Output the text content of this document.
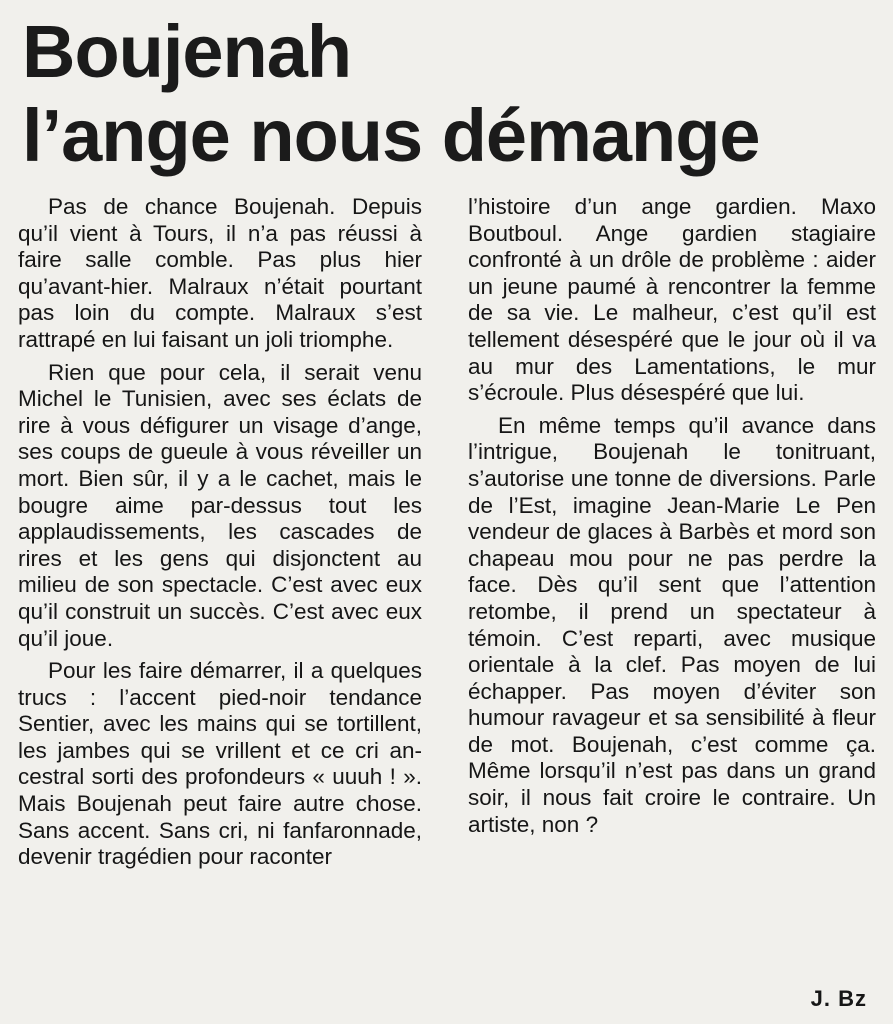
Boujenah
l’ange nous démange

Pas de chance Boujenah. Depuis qu’il vient à Tours, il n’a pas réussi à faire salle comble. Pas plus hier qu’avant-hier. Malraux n’était pourtant pas loin du compte. Malraux s’est rattrapé en lui faisant un joli triomphe.

Rien que pour cela, il serait venu Michel le Tunisien, avec ses éclats de rire à vous défigurer un visage d’ange, ses coups de gueule à vous réveiller un mort. Bien sûr, il y a le cachet, mais le bougre aime par-dessus tout les applaudissements, les cascades de rires et les gens qui disjonctent au milieu de son spectacle. C’est avec eux qu’il construit un succès. C’est avec eux qu’il joue.

Pour les faire démarrer, il a quelques trucs : l’accent pied-noir tendance Sentier, avec les mains qui se tortillent, les jambes qui se vrillent et ce cri ancestral sorti des profondeurs « uuuh ! ». Mais Boujenah peut faire autre chose. Sans accent. Sans cri, ni fanfaronnade, devenir tragédien pour raconter

l’histoire d’un ange gardien. Maxo Boutboul. Ange gardien stagiaire confronté à un drôle de problème : aider un jeune paumé à rencontrer la femme de sa vie. Le malheur, c’est qu’il est tellement désespéré que le jour où il va au mur des Lamentations, le mur s’écroule. Plus désespéré que lui.

En même temps qu’il avance dans l’intrigue, Boujenah le tonitruant, s’autorise une tonne de diversions. Parle de l’Est, imagine Jean-Marie Le Pen vendeur de glaces à Barbès et mord son chapeau mou pour ne pas perdre la face. Dès qu’il sent que l’attention retombe, il prend un spectateur à témoin. C’est reparti, avec musique orientale à la clef. Pas moyen de lui échapper. Pas moyen d’éviter son humour ravageur et sa sensibilité à fleur de mot. Boujenah, c’est comme ça. Même lorsqu’il n’est pas dans un grand soir, il nous fait croire le contraire. Un artiste, non ?

J. Bz
